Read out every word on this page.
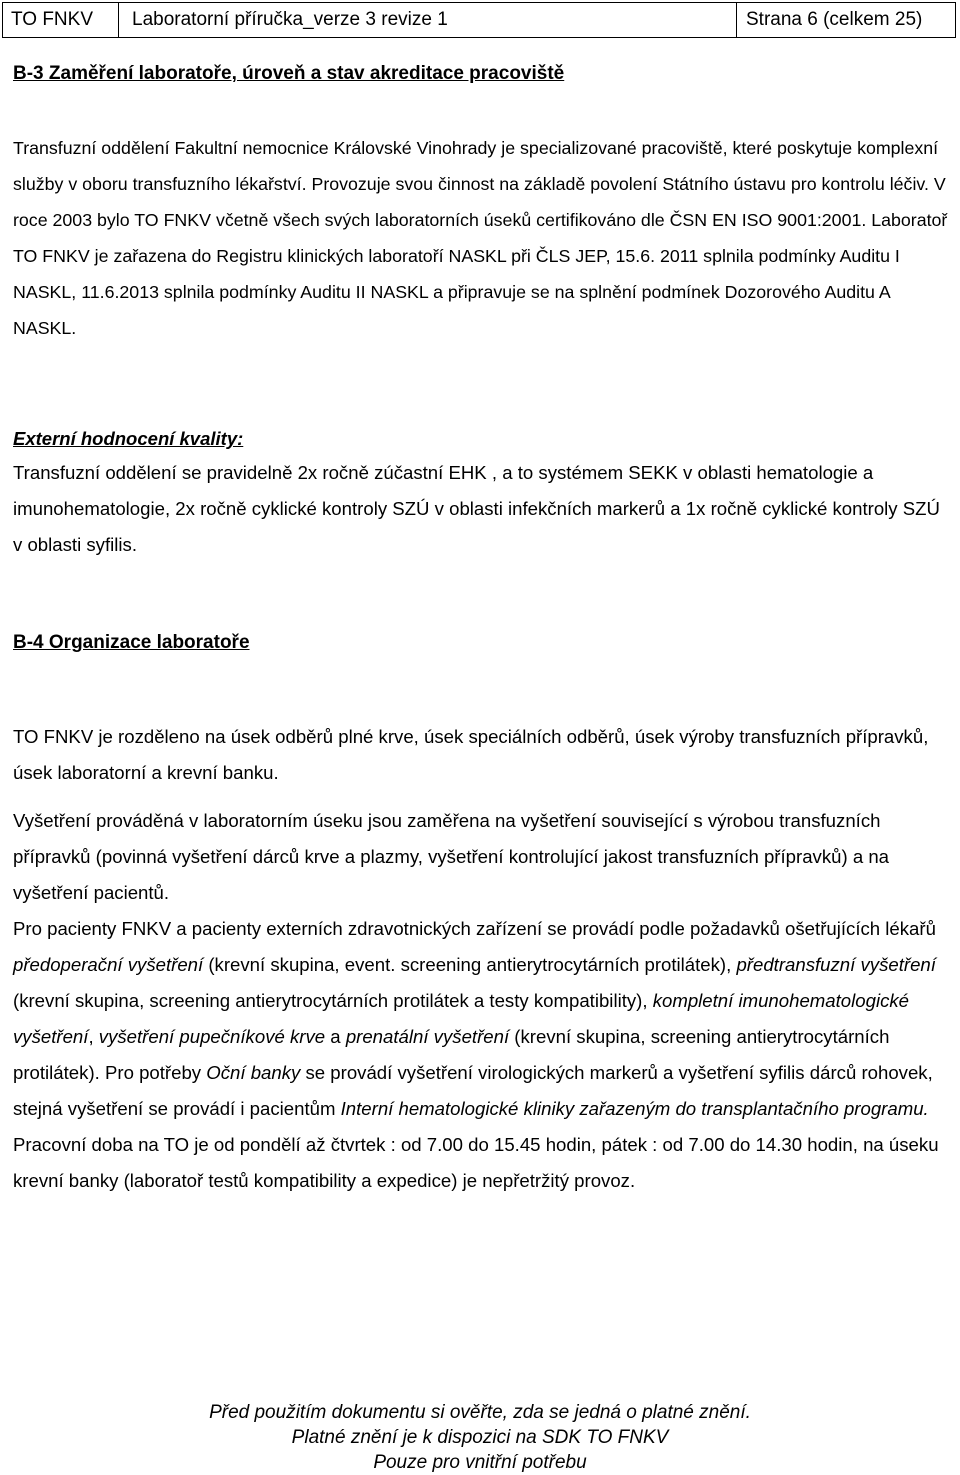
TO FNKV	Laboratorní příručka_verze 3 revize 1	Strana 6 (celkem 25)
B-3 Zaměření laboratoře, úroveň a stav akreditace pracoviště

Transfuzní oddělení Fakultní nemocnice Královské Vinohrady je specializované pracoviště, které poskytuje komplexní služby v oboru transfuzního lékařství. Provozuje svou činnost na základě povolení Státního ústavu pro kontrolu léčiv. V roce 2003 bylo TO FNKV včetně všech svých laboratorních úseků certifikováno dle ČSN EN ISO 9001:2001. Laboratoř TO FNKV je zařazena do Registru klinických laboratoří NASKL při ČLS JEP, 15.6. 2011 splnila podmínky Auditu I NASKL, 11.6.2013 splnila podmínky Auditu II NASKL a připravuje se na splnění podmínek Dozorového Auditu A NASKL.

Externí hodnocení kvality:

Transfuzní oddělení se pravidelně 2x ročně zúčastní EHK , a to systémem SEKK v oblasti hematologie a imunohematologie, 2x ročně cyklické kontroly SZÚ v oblasti infekčních markerů a 1x ročně cyklické kontroly SZÚ v oblasti syfilis.

B-4 Organizace laboratoře

TO FNKV je rozděleno na úsek odběrů plné krve, úsek speciálních odběrů, úsek výroby transfuzních přípravků, úsek laboratorní a krevní banku.

Vyšetření prováděná v laboratorním úseku jsou zaměřena na vyšetření související s výrobou transfuzních přípravků (povinná vyšetření dárců krve a plazmy, vyšetření kontrolující jakost transfuzních přípravků) a na vyšetření pacientů.

Pro pacienty FNKV a pacienty externích zdravotnických zařízení se provádí podle požadavků ošetřujících lékařů předoperační vyšetření (krevní skupina, event. screening antierytrocytárních protilátek), předtransfuzní vyšetření (krevní skupina, screening antierytrocytárních protilátek a testy kompatibility), kompletní imunohematologické vyšetření, vyšetření pupečníkové krve a prenatální vyšetření (krevní skupina, screening antierytrocytárních protilátek). Pro potřeby Oční banky se provádí vyšetření virologických markerů a vyšetření syfilis dárců rohovek, stejná vyšetření se provádí i pacientům Interní hematologické kliniky zařazeným do transplantačního programu. Pracovní doba na TO je od pondělí až čtvrtek : od 7.00 do 15.45 hodin, pátek : od 7.00 do 14.30 hodin, na úseku krevní banky (laboratoř testů kompatibility a expedice) je nepřetržitý provoz.

Před použitím dokumentu si ověřte, zda se jedná o platné znění.
Platné znění je k dispozici na SDK TO FNKV
Pouze pro vnitřní potřebu
